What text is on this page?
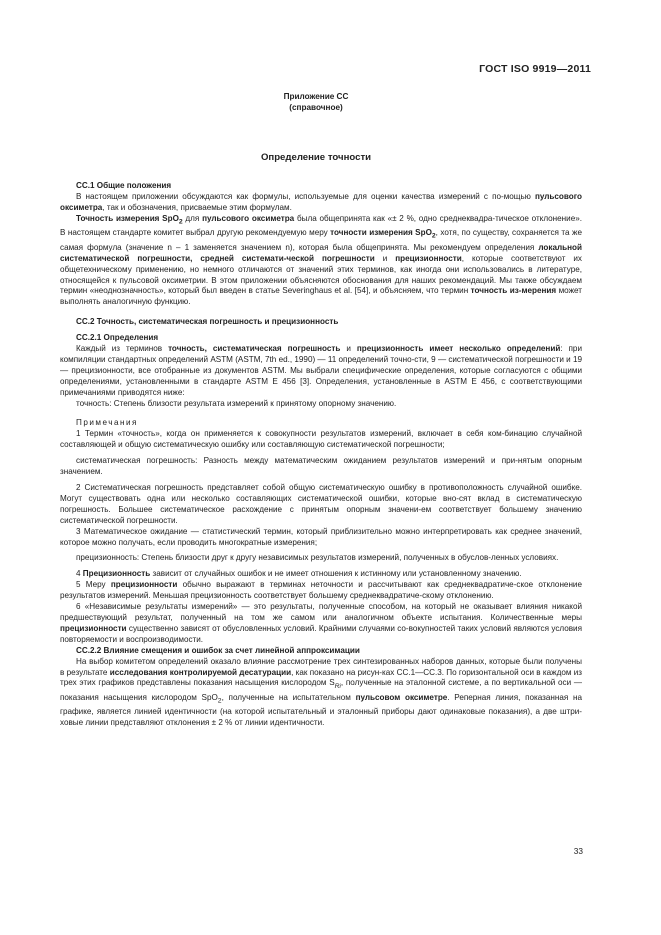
ГОСТ ISO 9919—2011
Приложение СС
(справочное)
Определение точности
СС.1 Общие положения

В настоящем приложении обсуждаются как формулы, используемые для оценки качества измерений с по-мощью пульсового оксиметра, так и обозначения, присваемые этим формулам.

Точность измерения SpO$_2$ для пульсового оксиметра была общепринята как «± 2 %, одно среднеквадра-тическое отклонение». В настоящем стандарте комитет выбрал другую рекомендуемую меру точности измерения SpO$_2$, хотя, по существу, сохраняется та же самая формула (значение n – 1 заменяется значением n), которая была общепринята. Мы рекомендуем определения локальной систематической погрешности, средней системати-ческой погрешности и прецизионности, которые соответствуют их общетехническому применению, но немного отличаются от значений этих терминов, как иногда они использовались в литературе, относящейся к пульсовой оксиметрии. В этом приложении объясняются обоснования для наших рекомендаций. Мы также обсуждаем термин «неоднозначность», который был введен в статье Severinghaus et al. [54], и объясняем, что термин точность из-мерения может выполнять аналогичную функцию.

СС.2 Точность, систематическая погрешность и прецизионность
СС.2.1 Определения

Каждый из терминов точность, систематическая погрешность и прецизионность имеет несколько определений: при компиляции стандартных определений ASTM (ASTM, 7th ed., 1990) — 11 определений точно-сти, 9 — систематической погрешности и 19 — прецизионности, все отобранные из документов ASTM. Мы выбрали специфические определения, которые согласуются с общими определениями, установленными в стандарте ASTM E 456 [3]. Определения, установленные в ASTM E 456, с соответствующими примечаниями приводятся ниже:

точность: Степень близости результата измерений к принятому опорному значению.

Примечания

1 Термин «точность», когда он применяется к совокупности результатов измерений, включает в себя ком-бинацию случайной составляющей и общую систематическую ошибку или составляющую систематической погрешности;

систематическая погрешность: Разность между математическим ожиданием результатов измерений и при-нятым опорным значением.

2 Систематическая погрешность представляет собой общую систематическую ошибку в противоположность случайной ошибке. Могут существовать одна или несколько составляющих систематической ошибки, которые вно-сят вклад в систематическую погрешность. Большее систематическое расхождение с принятым опорным значени-ем соответствует большему значению систематической погрешности.

3 Математическое ожидание — статистический термин, который приблизительно можно интерпретировать как среднее значений, которое можно получать, если проводить многократные измерения;

прецизионность: Степень близости друг к другу независимых результатов измерений, полученных в обуслов-ленных условиях.

4 Прецизионность зависит от случайных ошибок и не имеет отношения к истинному или установленному значению.

5 Меру прецизионности обычно выражают в терминах неточности и рассчитывают как среднеквадратиче-ское отклонение результатов измерений. Меньшая прецизионность соответствует большему среднеквадратиче-скому отклонению.

6 «Независимые результаты измерений» — это результаты, полученные способом, на который не оказывает влияния никакой предшествующий результат, полученный на том же самом или аналогичном объекте испытания. Количественные меры прецизионности существенно зависят от обусловленных условий. Крайними случаями со-вокупностей таких условий являются условия повторяемости и воспроизводимости.

СС.2.2 Влияние смещения и ошибок за счет линейной аппроксимации

На выбор комитетом определений оказало влияние рассмотрение трех синтезированных наборов данных, которые были получены в результате исследования контролируемой десатурации, как показано на рисун-ках СС.1—СС.3. По горизонтальной оси в каждом из трех этих графиков представлены показания насыщения кислородом $S_{Ri}$, полученные на эталонной системе, а по вертикальной оси — показания насыщения кислородом SpO$_2$, полученные на испытательном пульсовом оксиметре. Реперная линия, показанная на графике, является линией идентичности (на которой испытательный и эталонный приборы дают одинаковые показания), а две штри-ховые линии представляют отклонения ± 2 % от линии идентичности.

33
